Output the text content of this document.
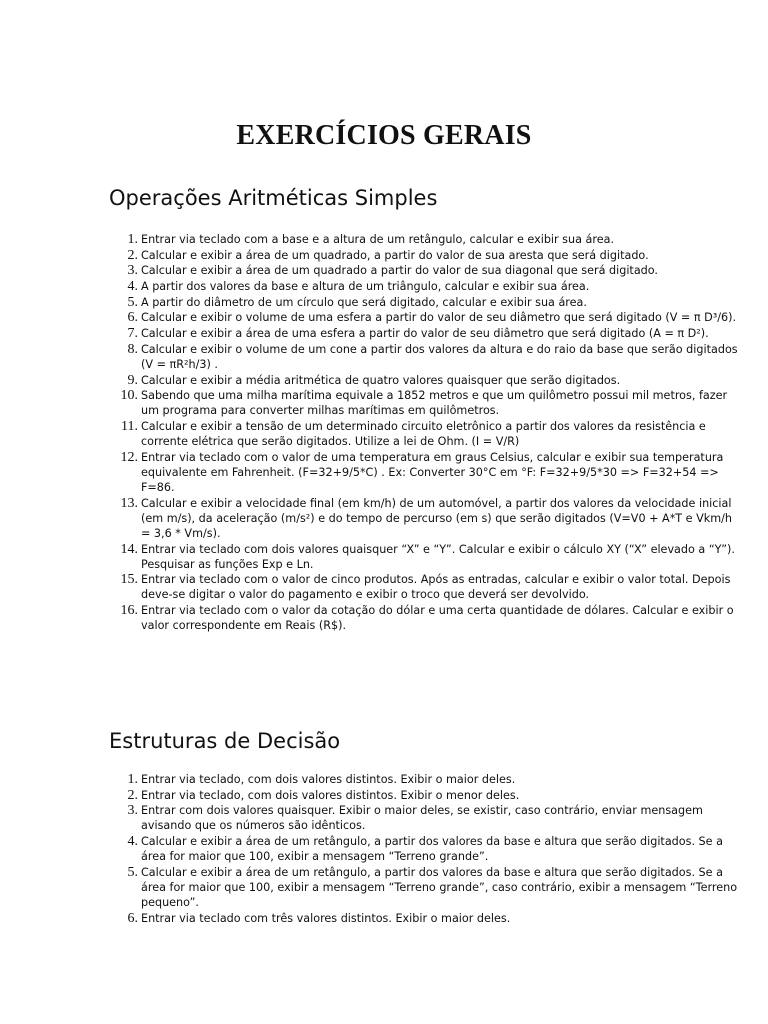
EXERCÍCIOS GERAIS
Operações Aritméticas Simples
1. Entrar via teclado com a base e a altura de um retângulo, calcular e exibir sua área.
2. Calcular e exibir a área de um quadrado, a partir do valor de sua aresta que será digitado.
3. Calcular e exibir a área de um quadrado a partir do valor de sua diagonal que será digitado.
4. A partir dos valores da base e altura de um triângulo, calcular e exibir sua área.
5. A partir do diâmetro de um círculo que será digitado, calcular e exibir sua área.
6. Calcular e exibir o volume de uma esfera a partir do valor de seu diâmetro que será digitado (V = π D³/6).
7. Calcular e exibir a área de uma esfera a partir do valor de seu diâmetro que será digitado (A = π D²).
8. Calcular e exibir o volume de um cone a partir dos valores da altura e do raio da base que serão digitados (V = πR²h/3) .
9. Calcular e exibir a média aritmética de quatro valores quaisquer que serão digitados.
10. Sabendo que uma milha marítima equivale a 1852 metros e que um quilômetro possui mil metros, fazer um programa para converter milhas marítimas em quilômetros.
11. Calcular e exibir a tensão de um determinado circuito eletrônico a partir dos valores da resistência e corrente elétrica que serão digitados. Utilize a lei de Ohm. (I = V/R)
12. Entrar via teclado com o valor de uma temperatura em graus Celsius, calcular e exibir sua temperatura equivalente em Fahrenheit. (F=32+9/5*C) . Ex: Converter 30°C em °F: F=32+9/5*30 => F=32+54 => F=86.
13. Calcular e exibir a velocidade final (em km/h) de um automóvel, a partir dos valores da velocidade inicial (em m/s), da aceleração (m/s²) e do tempo de percurso (em s) que serão digitados (V=V0 + A*T e Vkm/h = 3,6 * Vm/s).
14. Entrar via teclado com dois valores quaisquer “X” e “Y”. Calcular e exibir o cálculo XY (“X” elevado a “Y”). Pesquisar as funções Exp e Ln.
15. Entrar via teclado com o valor de cinco produtos. Após as entradas, calcular e exibir o valor total. Depois deve-se digitar o valor do pagamento e exibir o troco que deverá ser devolvido.
16. Entrar via teclado com o valor da cotação do dólar e uma certa quantidade de dólares. Calcular e exibir o valor correspondente em Reais (R$).
Estruturas de Decisão
1. Entrar via teclado, com dois valores distintos. Exibir o maior deles.
2. Entrar via teclado, com dois valores distintos. Exibir o menor deles.
3. Entrar com dois valores quaisquer. Exibir o maior deles, se existir, caso contrário, enviar mensagem avisando que os números são idênticos.
4. Calcular e exibir a área de um retângulo, a partir dos valores da base e altura que serão digitados. Se a área for maior que 100, exibir a mensagem “Terreno grande”.
5. Calcular e exibir a área de um retângulo, a partir dos valores da base e altura que serão digitados. Se a área for maior que 100, exibir a mensagem “Terreno grande”, caso contrário, exibir a mensagem “Terreno pequeno”.
6. Entrar via teclado com três valores distintos. Exibir o maior deles.
